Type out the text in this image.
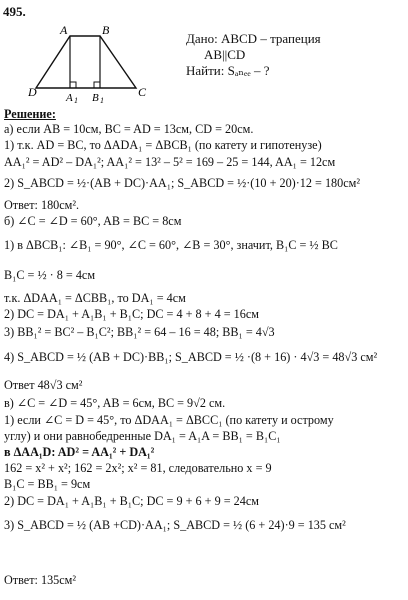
495.
A	B
D	C
A 1 B 1
Дано: ABCD – трапеция
AB||CD
Найти: Sₐₙₑₑ – ?
Решение:
а) если AB = 10см, BC = AD = 13см, CD = 20см.
1) т.к. AD = BC, то ΔADA₁ = ΔBCB₁ (по катету и гипотенузе)
AA₁² = AD² – DA₁²; AA₁² = 13² – 5² = 169 – 25 = 144, AA₁ = 12см
2) S_ABCD = ½·(AB + DC)·AA₁; S_ABCD = ½·(10 + 20)·12 = 180см²
Ответ: 180см².
б) ∠C = ∠D = 60°, AB = BC = 8см
1) в ΔBCB₁: ∠B₁ = 90°, ∠C = 60°, ∠B = 30°, значит, B₁C = ½ BC
B₁C = ½ · 8 = 4см
т.к. ΔDAA₁ = ΔCBB₁, то DA₁ = 4см
2) DC = DA₁ + A₁B₁ + B₁C; DC = 4 + 8 + 4 = 16см
3) BB₁² = BC² – B₁C²; BB₁² = 64 – 16 = 48; BB₁ = 4√3
4) S_ABCD = ½ (AB + DC)·BB₁; S_ABCD = ½ ·(8 + 16) · 4√3 = 48√3 см²
Ответ 48√3 см²
в) ∠C = ∠D = 45°, AB = 6см, BC = 9√2 см.
1) если ∠C = D = 45°, то ΔDAA₁ = ΔBCC₁ (по катету и острому
углу) и они равнобедренные DA₁ = A₁A = BB₁ = B₁C₁
в ΔAA₁D: AD² = AA₁² + DA₁²
162 = x² + x²; 162 = 2x²; x² = 81, следовательно x = 9
B₁C = BB₁ = 9см
2) DC = DA₁ + A₁B₁ + B₁C; DC = 9 + 6 + 9 = 24см
3) S_ABCD = ½ (AB +CD)·AA₁; S_ABCD = ½ (6 + 24)·9 = 135 см²
Ответ: 135см²
